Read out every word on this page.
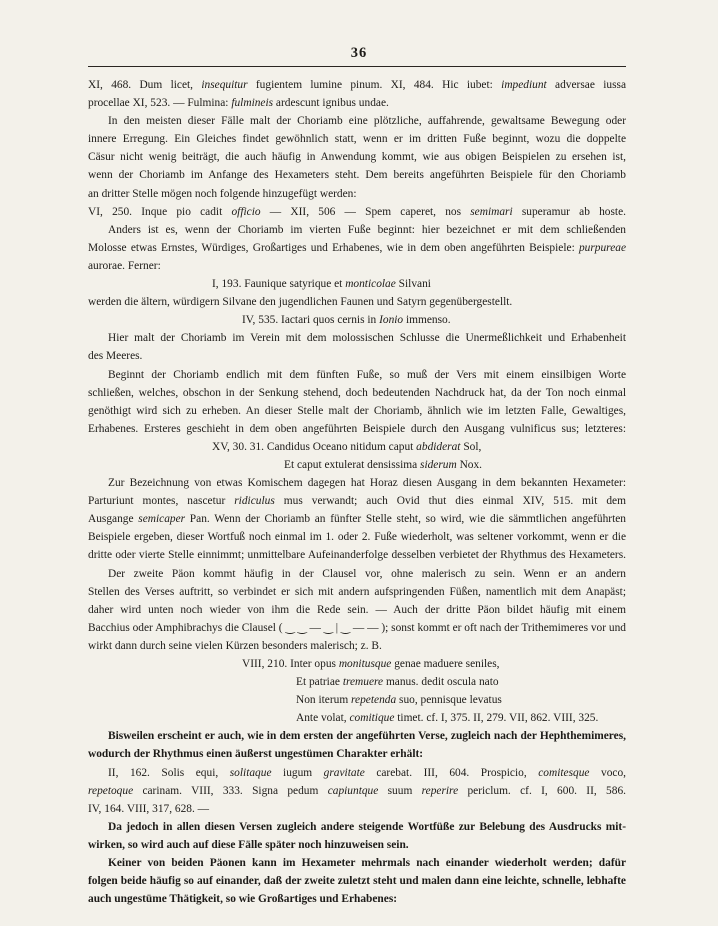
36
XI, 468. Dum licet, insequitur fugientem lumine pinum. XI, 484. Hic iubet: impediunt adversae iussa
procellae XI, 523. — Fulmina: fulmineis ardescunt ignibus undae.
In den meisten dieser Fälle malt der Choriamb eine plötzliche, auffahrende, gewaltsame Bewegung oder
innere Erregung. Ein Gleiches findet gewöhnlich statt, wenn er im dritten Fuße beginnt, wozu die doppelte
Cäsur nicht wenig beiträgt, die auch häufig in Anwendung kommt, wie aus obigen Beispielen zu ersehen ist,
wenn der Choriamb im Anfange des Hexameters steht. Dem bereits angeführten Beispiele für den Choriamb
an dritter Stelle mögen noch folgende hinzugefügt werden:
VI, 250. Inque pio cadit officio — XII, 506 — Spem caperet, nos semimari superamur ab hoste.
Anders ist es, wenn der Choriamb im vierten Fuße beginnt: hier bezeichnet er mit dem schließenden
Molosse etwas Ernstes, Würdiges, Großartiges und Erhabenes, wie in dem oben angeführten Beispiele: purpureae
aurorae. Ferner:
I, 193. Faunique satyrique et monticolae Silvani
werden die ältern, würdigern Silvane den jugendlichen Faunen und Satyrn gegenübergestellt.
IV, 535. Iactari quos cernis in Ionio immenso.
Hier malt der Choriamb im Verein mit dem molossischen Schlusse die Unermeßlichkeit und Erhabenheit
des Meeres.
Beginnt der Choriamb endlich mit dem fünften Fuße, so muß der Vers mit einem einsilbigen Worte
schließen, welches, obschon in der Senkung stehend, doch bedeutenden Nachdruck hat, da der Ton noch einmal
genöthigt wird sich zu erheben. An dieser Stelle malt der Choriamb, ähnlich wie im letzten Falle, Gewaltiges,
Erhabenes. Ersteres geschieht in dem oben angeführten Beispiele durch den Ausgang vulnificus sus; letzteres:
XV, 30. 31. Candidus Oceano nitidum caput abdiderat Sol,
Et caput extulerat densissima siderum Nox.
Zur Bezeichnung von etwas Komischem dagegen hat Horaz diesen Ausgang in dem bekannten Hexameter:
Parturiunt montes, nascetur ridiculus mus verwandt; auch Ovid thut dies einmal XIV, 515. mit dem
Ausgange semicaper Pan. Wenn der Choriamb an fünfter Stelle steht, so wird, wie die sämmtlichen angeführten
Beispiele ergeben, dieser Wortfuß noch einmal im 1. oder 2. Fuße wiederholt, was seltener vorkommt, wenn er die
dritte oder vierte Stelle einnimmt; unmittelbare Aufeinanderfolge desselben verbietet der Rhythmus des Hexameters.
Der zweite Päon kommt häufig in der Clausel vor, ohne malerisch zu sein. Wenn er an andern
Stellen des Verses auftritt, so verbindet er sich mit andern aufspringenden Füßen, namentlich mit dem Anapäst;
daher wird unten noch wieder von ihm die Rede sein. — Auch der dritte Päon bildet häufig mit einem
Bacchius oder Amphibrachys die Clausel ( ‿ ‿ — ‿ | ‿ — — ); sonst kommt er oft nach der Trithemimeres vor und
wirkt dann durch seine vielen Kürzen besonders malerisch; z. B.
VIII, 210. Inter opus monitusque genae maduere seniles,
Et patriae tremuere manus. dedit oscula nato
Non iterum repetenda suo, pennisque levatus
Ante volat, comitique timet. cf. I, 375. II, 279. VII, 862. VIII, 325.
Bisweilen erscheint er auch, wie in dem ersten der angeführten Verse, zugleich nach der Hephthemimeres,
wodurch der Rhythmus einen äußerst ungestümen Charakter erhält:
II, 162. Solis equi, solitaque iugum gravitate carebat. III, 604. Prospicio, comitesque voco,
repetoque carinam. VIII, 333. Signa pedum capiuntque suum reperire periclum. cf. I, 600. II, 586.
IV, 164. VIII, 317, 628. —
Da jedoch in allen diesen Versen zugleich andere steigende Wortfüße zur Belebung des Ausdrucks mit-
wirken, so wird auch auf diese Fälle später noch hinzuweisen sein.
Keiner von beiden Päonen kann im Hexameter mehrmals nach einander wiederholt werden; dafür
folgen beide häufig so auf einander, daß der zweite zuletzt steht und malen dann eine leichte, schnelle, lebhafte
auch ungestüme Thätigkeit, so wie Großartiges und Erhabenes:
